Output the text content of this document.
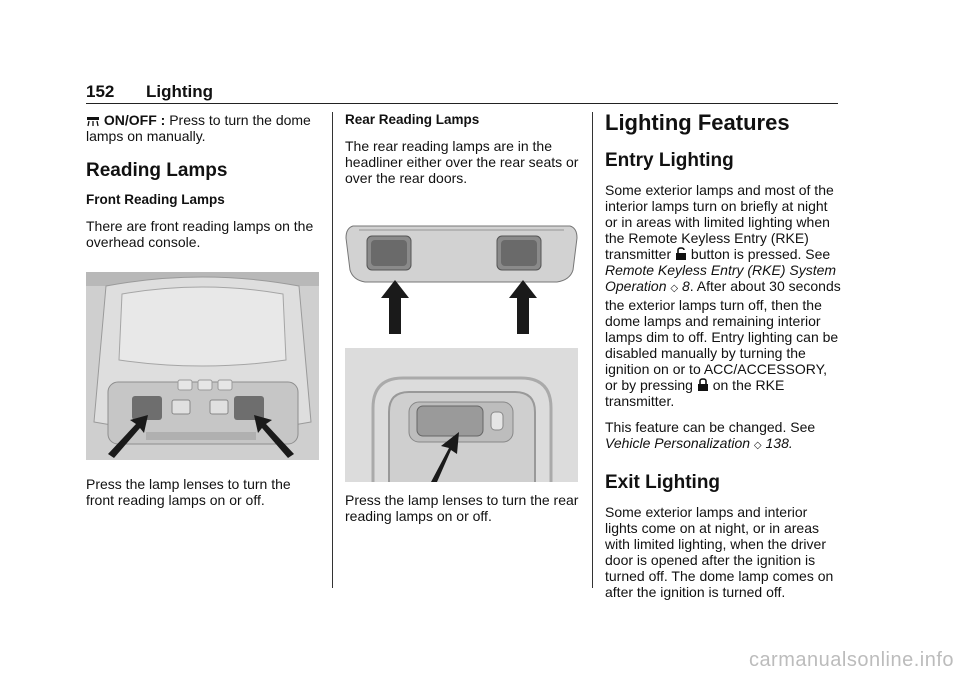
152 Lighting

ON/OFF : Press to turn the dome lamps on manually.

Reading Lamps

Front Reading Lamps

There are front reading lamps on the overhead console.

Press the lamp lenses to turn the front reading lamps on or off.

Rear Reading Lamps

The rear reading lamps are in the headliner either over the rear seats or over the rear doors.

Press the lamp lenses to turn the rear reading lamps on or off.

Lighting Features
Entry Lighting

Some exterior lamps and most of the interior lamps turn on briefly at night or in areas with limited lighting when the Remote Keyless Entry (RKE) transmitter  button is pressed. See Remote Keyless Entry (RKE) System Operation ◇ 8. After about 30 seconds the exterior lamps turn off, then the dome lamps and remaining interior lamps dim to off. Entry lighting can be disabled manually by turning the ignition on or to ACC/ACCESSORY, or by pressing  on the RKE transmitter.

This feature can be changed. See Vehicle Personalization ◇ 138.

Exit Lighting

Some exterior lamps and interior lights come on at night, or in areas with limited lighting, when the driver door is opened after the ignition is turned off. The dome lamp comes on after the ignition is turned off.

carmanualsonline.info
